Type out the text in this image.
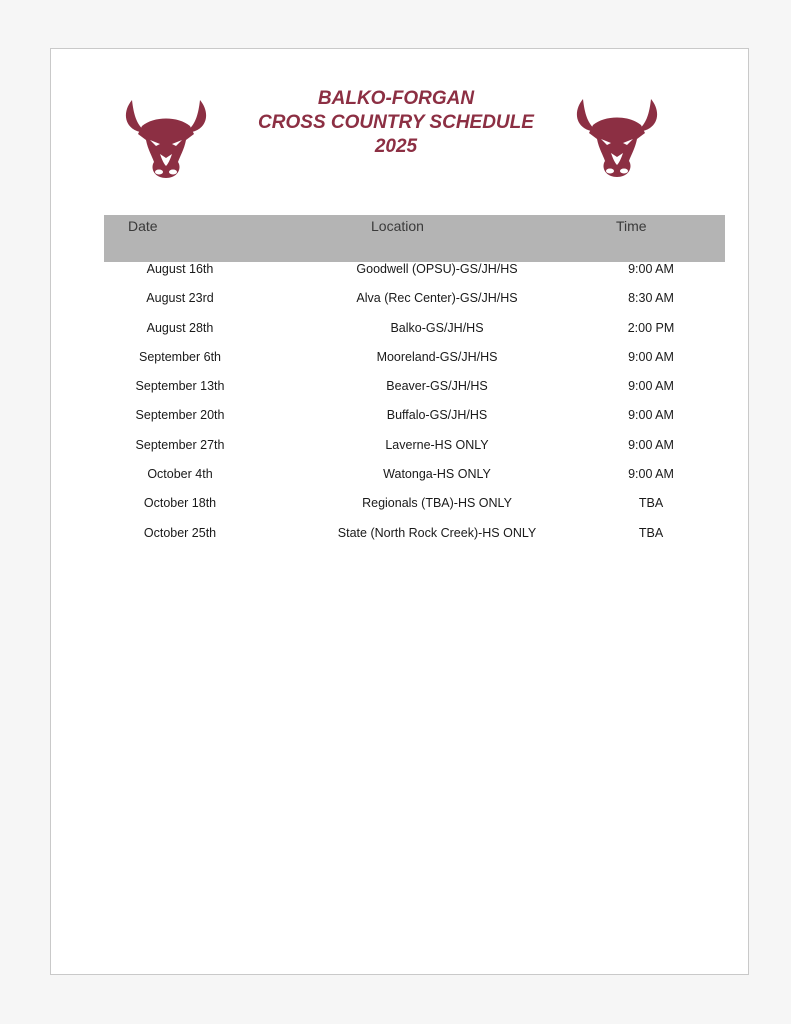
BALKO-FORGAN
CROSS COUNTRY SCHEDULE
2025
Date	Location	Time
August 16th	Goodwell (OPSU)-GS/JH/HS	9:00 AM
August 23rd	Alva (Rec Center)-GS/JH/HS	8:30 AM
August 28th	Balko-GS/JH/HS	2:00 PM
September 6th	Mooreland-GS/JH/HS	9:00 AM
September 13th	Beaver-GS/JH/HS	9:00 AM
September 20th	Buffalo-GS/JH/HS	9:00 AM
September 27th	Laverne-HS ONLY	9:00 AM
October 4th	Watonga-HS ONLY	9:00 AM
October 18th	Regionals (TBA)-HS ONLY	TBA
October 25th	State (North Rock Creek)-HS ONLY	TBA
